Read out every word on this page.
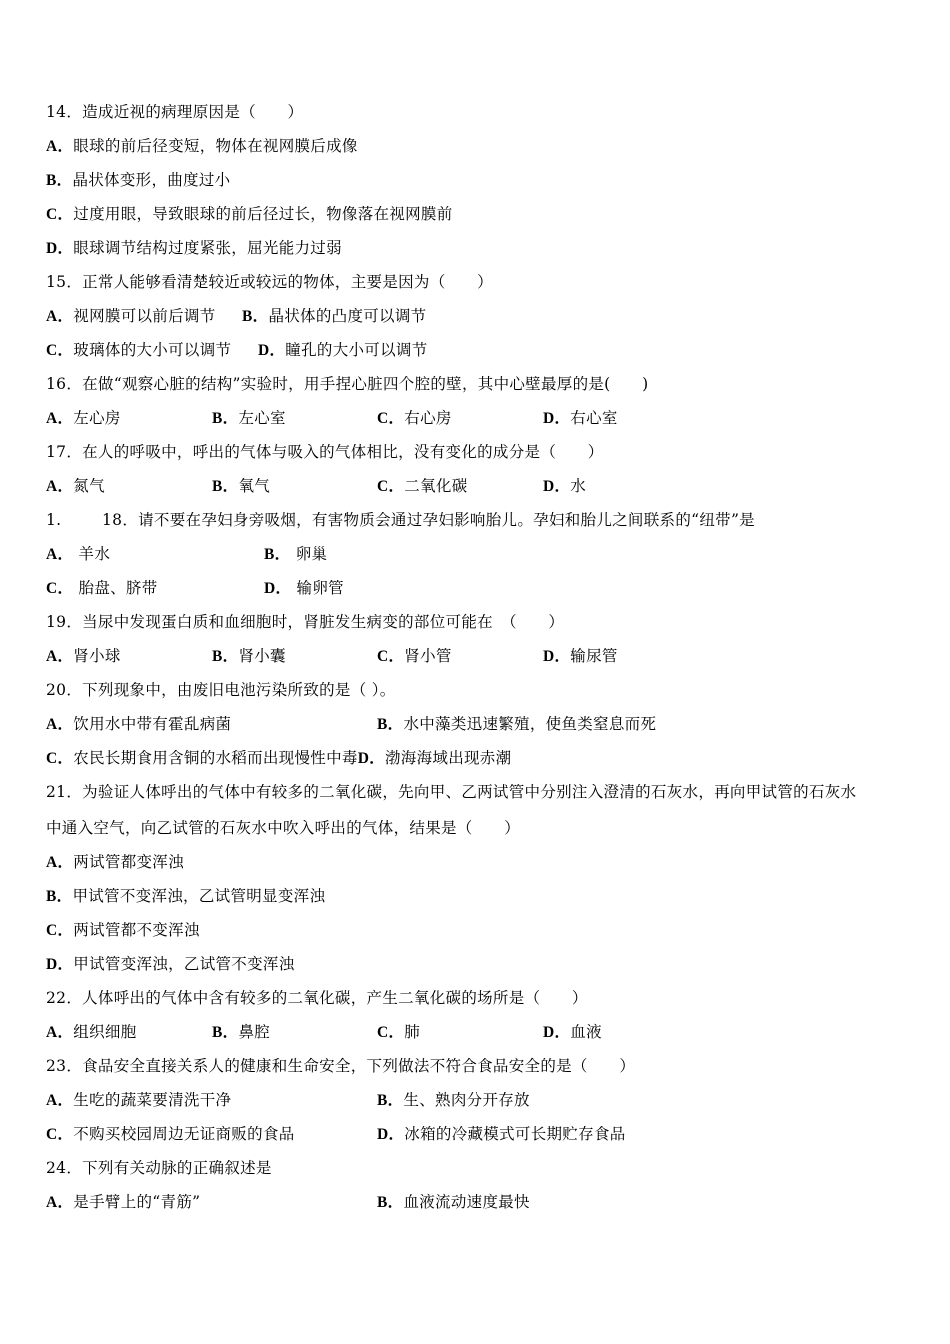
14．造成近视的病理原因是（　　）
A．眼球的前后径变短，物体在视网膜后成像
B．晶状体变形，曲度过小
C．过度用眼，导致眼球的前后径过长，物像落在视网膜前
D．眼球调节结构过度紧张，屈光能力过弱
15．正常人能够看清楚较近或较远的物体，主要是因为（　　）
A．视网膜可以前后调节 B．晶状体的凸度可以调节
C．玻璃体的大小可以调节 D．瞳孔的大小可以调节
16．在做“观察心脏的结构”实验时，用手捏心脏四个腔的壁，其中心壁最厚的是(　　)
A．左心房	B．左心室	C．右心房	D．右心室
17．在人的呼吸中，呼出的气体与吸入的气体相比，没有变化的成分是（　　）
A．氮气	B．氧气	C．二氧化碳	D．水
1.	18．请不要在孕妇身旁吸烟，有害物质会通过孕妇影响胎儿。孕妇和胎儿之间联系的“纽带”是
A． 羊水	B． 卵巢
C． 胎盘、脐带	D． 输卵管
19．当尿中发现蛋白质和血细胞时，肾脏发生病变的部位可能在　（　　）
A．肾小球	B．肾小囊	C．肾小管	D．输尿管
20．下列现象中，由废旧电池污染所致的是（ ）。
A．饮用水中带有霍乱病菌	B．水中藻类迅速繁殖，使鱼类窒息而死
C．农民长期食用含铜的水稻而出现慢性中毒D．渤海海域出现赤潮
21．为验证人体呼出的气体中有较多的二氧化碳，先向甲、乙两试管中分别注入澄清的石灰水，再向甲试管的石灰水
中通入空气，向乙试管的石灰水中吹入呼出的气体，结果是（　　）
A．两试管都变浑浊
B．甲试管不变浑浊，乙试管明显变浑浊
C．两试管都不变浑浊
D．甲试管变浑浊，乙试管不变浑浊
22．人体呼出的气体中含有较多的二氧化碳，产生二氧化碳的场所是（　　）
A．组织细胞	B．鼻腔	C．肺	D．血液
23．食品安全直接关系人的健康和生命安全，下列做法不符合食品安全的是（　　）
A．生吃的蔬菜要清洗干净	B．生、熟肉分开存放
C．不购买校园周边无证商贩的食品	D．冰箱的冷藏模式可长期贮存食品
24．下列有关动脉的正确叙述是
A．是手臂上的“青筋”	B．血液流动速度最快
